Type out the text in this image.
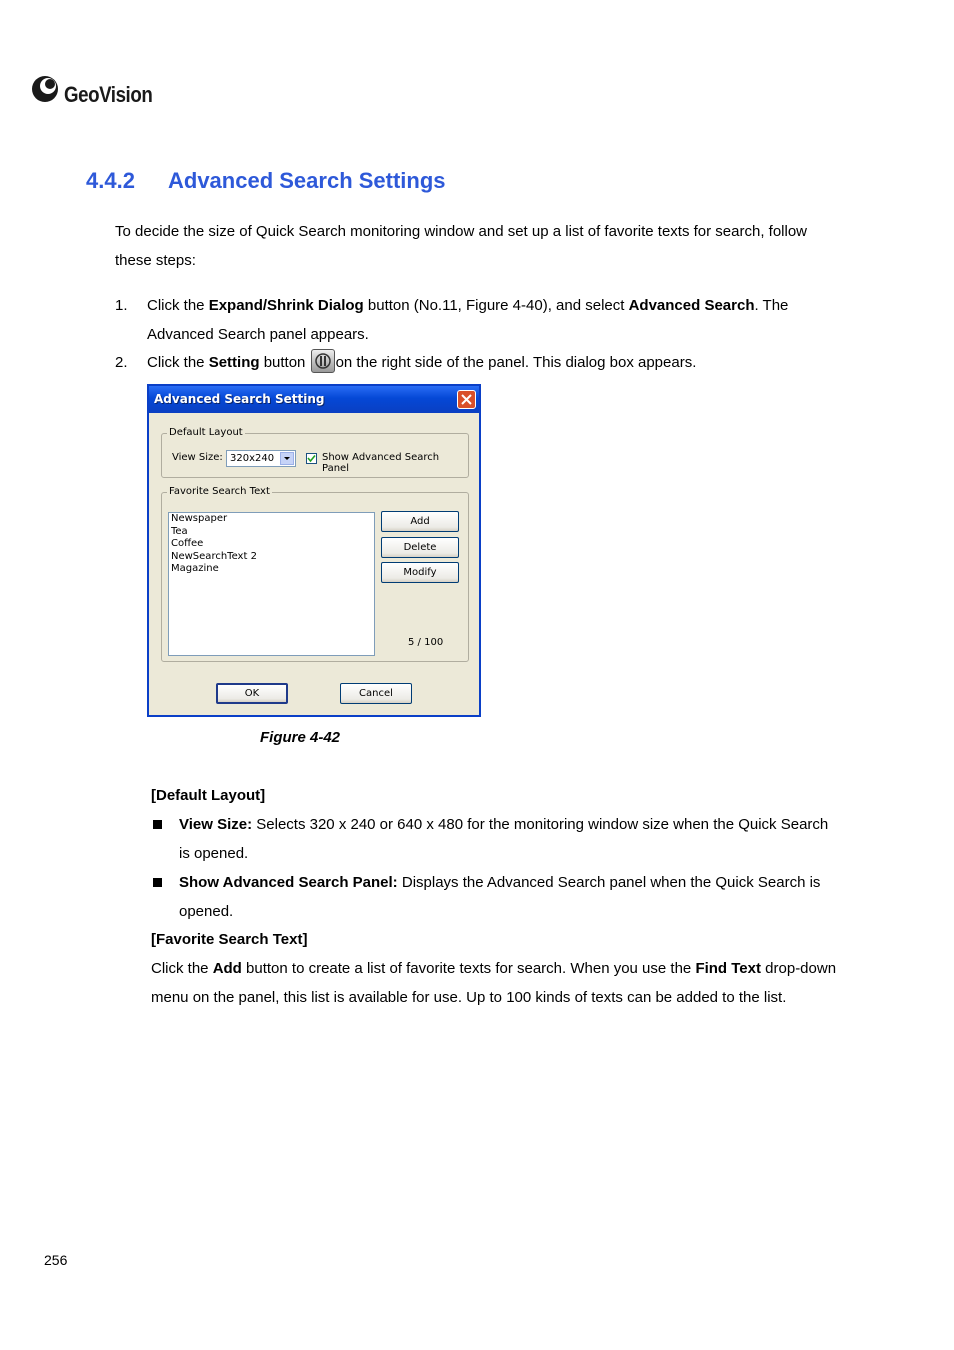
GeoVision
4.4.2 Advanced Search Settings
To decide the size of Quick Search monitoring window and set up a list of favorite texts for search, follow these steps:
1. Click the Expand/Shrink Dialog button (No.11, Figure 4-40), and select Advanced Search. The Advanced Search panel appears.
2. Click the Setting button
on the right side of the panel. This dialog box appears.
Advanced Search Setting
Default Layout
View Size: 320x240	Show Advanced Search Panel
Favorite Search Text
Newspaper
Tea
Coffee
NewSearchText 2
Magazine
Add
Delete
Modify
5 / 100
OK	Cancel
Figure 4-42
[Default Layout]
View Size: Selects 320 x 240 or 640 x 480 for the monitoring window size when the Quick Search is opened.
Show Advanced Search Panel: Displays the Advanced Search panel when the Quick Search is opened.
[Favorite Search Text]
Click the Add button to create a list of favorite texts for search. When you use the Find Text drop-down menu on the panel, this list is available for use. Up to 100 kinds of texts can be added to the list.
256
